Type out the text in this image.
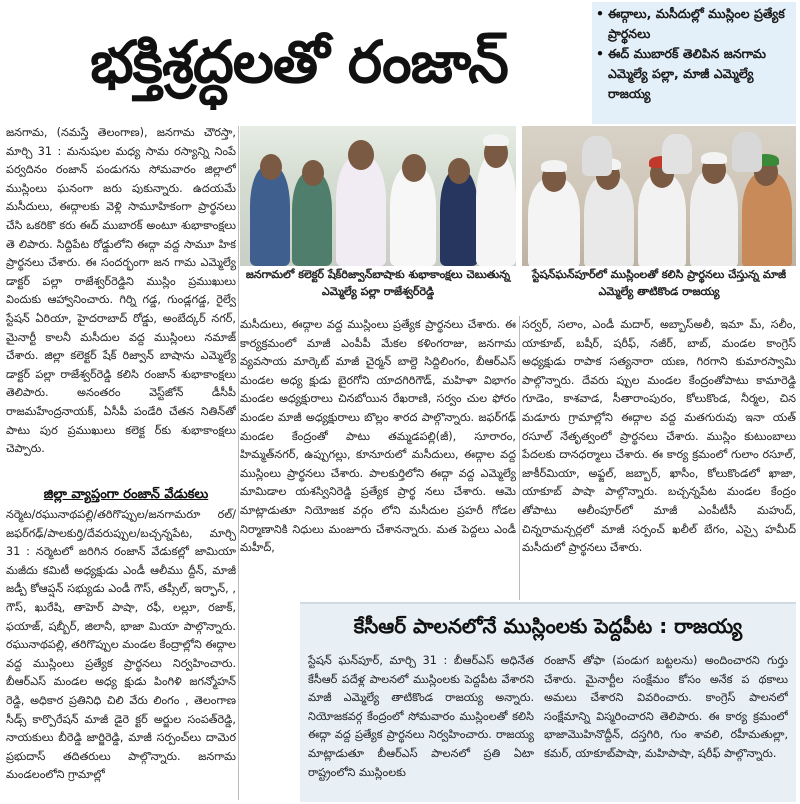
భక్తిశ్రద్ధలతో రంజాన్
• ఈద్గాలు, మసీదుల్లో ముస్లింల ప్రత్యేక ప్రార్థనలు
• ఈద్ ముబారక్ తెలిపిన జనగామ ఎమ్మెల్యే పల్లా, మాజీ ఎమ్మెల్యే రాజయ్య
జనగామ, (నమస్తే తెలంగాణ), జనగామ చౌరస్తా, మార్చి 31 : మనుషుల మధ్య సామ రస్యాన్ని నింపే పర్వదినం రంజాన్ పండుగను సోమవారం జిల్లాలో ముస్లింలు ఘనంగా జరు పుకున్నారు. ఉదయమే మసీదులు, ఈద్గాలకు వెళ్లి సామూహికంగా ప్రార్థనలు చేసి ఒకరికొ కరు ఈద్ ముబారక్ అంటూ శుభాకాంక్షలు తె లిపారు. సిద్దిపేట రోడ్డులోని ఈద్గా వద్ద సామూ హిక ప్రార్థనలు చేశారు. ఈ సందర్భంగా జన గామ ఎమ్మెల్యే డాక్టర్ పల్లా రాజేశ్వర్‌రెడ్డిని ముస్లిం ప్రముఖులు విందుకు ఆహ్వానించారు. గిర్ని గడ్డ, గుండ్లగడ్డ, రైల్వే స్టేషన్ ఏరియా, హైదరాబాద్ రోడ్డు, అంబేద్కర్ నగర్, మైనార్టీ కాలనీ మసీదుల వద్ద ముస్లింలు నమాజ్ చేశారు. జిల్లా కలెక్టర్ షేక్ రిజ్వాన్ బాషాను ఎమ్మెల్యే డాక్టర్ పల్లా రాజేశ్వర్‌రెడ్డి కలిసి రంజాన్ శుభాకాంక్షలు తెలిపారు. అనంతరం వెస్ట్‌జోన్ డీసీపీ రాజమహేంద్రనాయక్, ఏసీపీ పండేరి చేతన నితిన్‌తో పాటు పుర ప్రముఖులు కలెక్ట ర్‌కు శుభాకాంక్షలు చెప్పారు.
జిల్లా వ్యాప్తంగా రంజాన్ వేడుకలు
నర్మెట/రఘునాథపల్లి/తరిగొప్పుల/జనగామరూ రల్/జఫర్‌గఢ్/పాలకుర్తి/దేవరుప్పుల/బచ్చన్నపేట, మార్చి 31 : నర్మెటలో జరిగిన రంజాన్ వేడుకల్లో జామియా మజీదు కమిటీ అధ్యక్షుడు ఎండీ ఆలీము ద్దీన్, మాజీ జడ్పీ కోఆప్షన్ సభ్యుడు ఎండీ గౌస్, తప్సీల్, ఇర్ఫాన్, , గౌస్, ఖురేషి, తాహెర్ పాషా, రఫీ, లల్లూ, రజాక్, ఫయాజ్, షబ్బీర్, జిలానీ, భాజా మియా పాల్గొన్నారు. రఘునాథపల్లి, తరిగొప్పుల మండల కేంద్రాల్లోని ఈద్గాల వద్ద ముస్లింలు ప్రత్యేక ప్రార్థనలు నిర్వహించారు. బీఆర్ఎస్ మండల అధ్య క్షుడు పింగిళి జగన్మోహన్ రెడ్డి, అధికార ప్రతినిధి చిలి వేరు లింగం , తెలంగాణ సీడ్స్ కార్పొరేషన్ మాజీ డైరె క్టర్ అర్జుల సంపత్‌రెడ్డి, నాయకులు బీరెడ్డి జార్జిరెడ్డి, మాజీ సర్పంచ్‌లు దామెర ప్రభుదాస్ తదితరులు పాల్గొన్నారు. జనగామ మండలంలోని గ్రామాల్లో
జనగామలో కలెక్టర్ షేక్‌రిజ్వాన్‌బాషాకు శుభాకాంక్షలు చెబుతున్న ఎమ్మెల్యే పల్లా రాజేశ్వర్‌రెడ్డి
స్టేషన్‌ఘన్‌పూర్‌లో ముస్లింలతో కలిసి ప్రార్థనలు చేస్తున్న మాజీ ఎమ్మెల్యే తాటికొండ రాజయ్య
మసీదులు, ఈద్గాల వద్ద ముస్లింలు ప్రత్యేక ప్రార్థనలు చేశారు. ఈ కార్యక్రమంలో మాజీ ఎంపీపీ మేకల కళింగరాజు, జనగామ వ్యవసాయ మార్కెట్ మాజీ చైర్మన్ బాల్దె సిద్దిలింగం, బీఆర్ఎస్ మండల అధ్య క్షుడు బైరగోని యాదగిరిగౌడ్, మహిళా విభాగం మండల అధ్యక్షురాలు చినబోయిన రేఖరాణి, సర్వం చుల ఫోరం మండల మాజీ అధ్యక్షురాలు బొల్లం శారద పాల్గొన్నారు. జఫర్‌గఢ్ మండల కేంద్రంతో పాటు తమ్మడపల్లి(జీ), సూరారం, హిమ్మత్‌నగర్, ఉప్పుగల్లు, కూనూరులో మసీదులు, ఈద్గాల వద్ద ముస్లింలు ప్రార్థనలు చేశారు. పాలకుర్తిలోని ఈద్గా వద్ద ఎమ్మెల్యే మామిడాల యశస్వినిరెడ్డి ప్రత్యేక ప్రార్థ నలు చేశారు. ఆమె మాట్లాడుతూ నియోజక వర్గం లోని మసీదుల ప్రహరీ గోడల నిర్మాణానికి నిధులు మంజూరు చేశానన్నారు. మత పెద్దలు ఎండీ మహీద్,
సర్వర్, సలాం, ఎండీ మదార్, అబ్బాస్‌అలీ, ఇమా మ్, సలీం, యాకూబ్, బషీర్, షరీఫ్, నజీర్, బాబ్, మండల కాంగ్రెస్ అధ్యక్షుడు రాపాక సత్యనారా యణ, గిరగాని కుమారస్వామి పాల్గొన్నారు. దేవరు ప్పుల మండల కేంద్రంతోపాటు కామారెడ్డి గూడెం, కాశవాడ, సీతారాంపురం, కోలుకొండ, నీర్మల, చిన మడూరు గ్రామాల్లోని ఈద్గాల వద్ద మతగురువు ఇనా యత్ రసూల్ నేతృత్వంలో ప్రార్థనలు చేశారు. ముస్లిం కుటుంబాలు పేదలకు దానధర్మాలు చేశారు. ఈ కార్య క్రమంలో గులాం రసూల్, జాకీర్‌మియా, అఫ్జల్, జబ్బార్, ఖాసీం, కోలుకొండలో ఖాజా, యాకూబ్ పాషా పాల్గొన్నారు. బచ్చన్నపేట మండల కేంద్రం తోపాటు ఆలీంపూర్‌లో మాజీ ఎంపీటీసీ మహుద్, చిన్నరామన్చర్లలో మాజీ సర్పంచ్ ఖలీల్ బేగం, ఎస్సై హమీద్ మసీదులో ప్రార్థనలు చేశారు.
కేసీఆర్ పాలనలోనే ముస్లింలకు పెద్దపీట : రాజయ్య
స్టేషన్ ఘన్‌పూర్, మార్చి 31 : బీఆర్ఎస్ అధినేత కేసీఆర్ పదేళ్ల పాలనలో ముస్లింలకు పెద్దపీట వేశారని మాజీ ఎమ్మెల్యే తాటికొండ రాజయ్య అన్నారు. నియోజకవర్గ కేంద్రంలో సోమవారం ముస్లింలతో కలిసి ఈద్గా వద్ద ప్రత్యేక ప్రార్థనలు నిర్వహించారు. రాజయ్య మాట్లాడుతూ బీఆర్ఎస్ పాలనలో ప్రతి ఏటా రాష్ట్రంలోని ముస్లింలకు
రంజాన్ తోఫా (పండుగ బట్టలను) అందించారని గుర్తు చేశారు. మైనార్టీల సంక్షేమం కోసం అనేక ప థకాలు అమలు చేశారని వివరించారు. కాంగ్రెస్ పాలనలో సంక్షేమాన్ని విస్మరించారని తెలిపారు. ఈ కార్య క్రమంలో భాజామొహినొద్దీన్, దస్తగిరి, గుం శావలి, రహీమతుల్లా, కమర్, యాకూబ్‌పాషా, మహిపాషా, షరీఫ్ పాల్గొన్నారు.
